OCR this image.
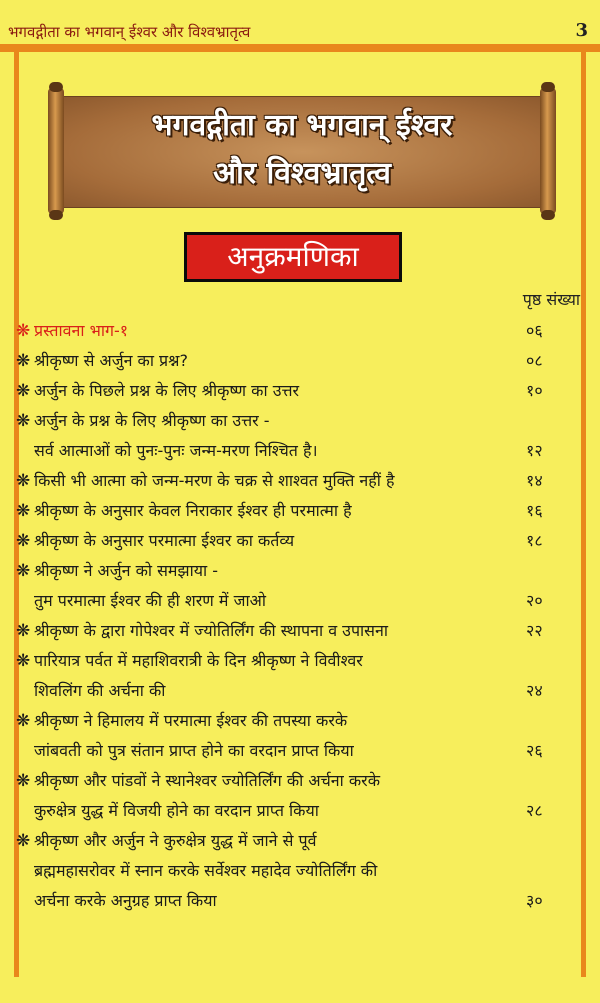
भगवद्गीता का भगवान् ईश्वर और विश्वभ्रातृत्व	3
भगवद्गीता का भगवान् ईश्वर
और विश्वभ्रातृत्व
अनुक्रमणिका
पृष्ठ संख्या
❋ प्रस्तावना भाग-१	०६
❋ श्रीकृष्ण से अर्जुन का प्रश्न?	०८
❋ अर्जुन के पिछले प्रश्न के लिए श्रीकृष्ण का उत्तर	१०
❋ अर्जुन के प्रश्न के लिए श्रीकृष्ण का उत्तर -
सर्व आत्माओं को पुनः-पुनः जन्म-मरण निश्चित है।	१२
❋ किसी भी आत्मा को जन्म-मरण के चक्र से शाश्वत मुक्ति नहीं है	१४
❋ श्रीकृष्ण के अनुसार केवल निराकार ईश्वर ही परमात्मा है	१६
❋ श्रीकृष्ण के अनुसार परमात्मा ईश्वर का कर्तव्य	१८
❋ श्रीकृष्ण ने अर्जुन को समझाया -
तुम परमात्मा ईश्वर की ही शरण में जाओ	२०
❋ श्रीकृष्ण के द्वारा गोपेश्वर में ज्योतिर्लिंग की स्थापना व उपासना	२२
❋ पारियात्र पर्वत में महाशिवरात्री के दिन श्रीकृष्ण ने विवीश्वर
शिवलिंग की अर्चना की	२४
❋ श्रीकृष्ण ने हिमालय में परमात्मा ईश्वर की तपस्या करके
जांबवती को पुत्र संतान प्राप्त होने का वरदान प्राप्त किया	२६
❋ श्रीकृष्ण और पांडवों ने स्थानेश्वर ज्योतिर्लिंग की अर्चना करके
कुरुक्षेत्र युद्ध में विजयी होने का वरदान प्राप्त किया	२८
❋ श्रीकृष्ण और अर्जुन ने कुरुक्षेत्र युद्ध में जाने से पूर्व
ब्रह्ममहासरोवर में स्नान करके सर्वेश्वर महादेव ज्योतिर्लिंग की
अर्चना करके अनुग्रह प्राप्त किया	३०
